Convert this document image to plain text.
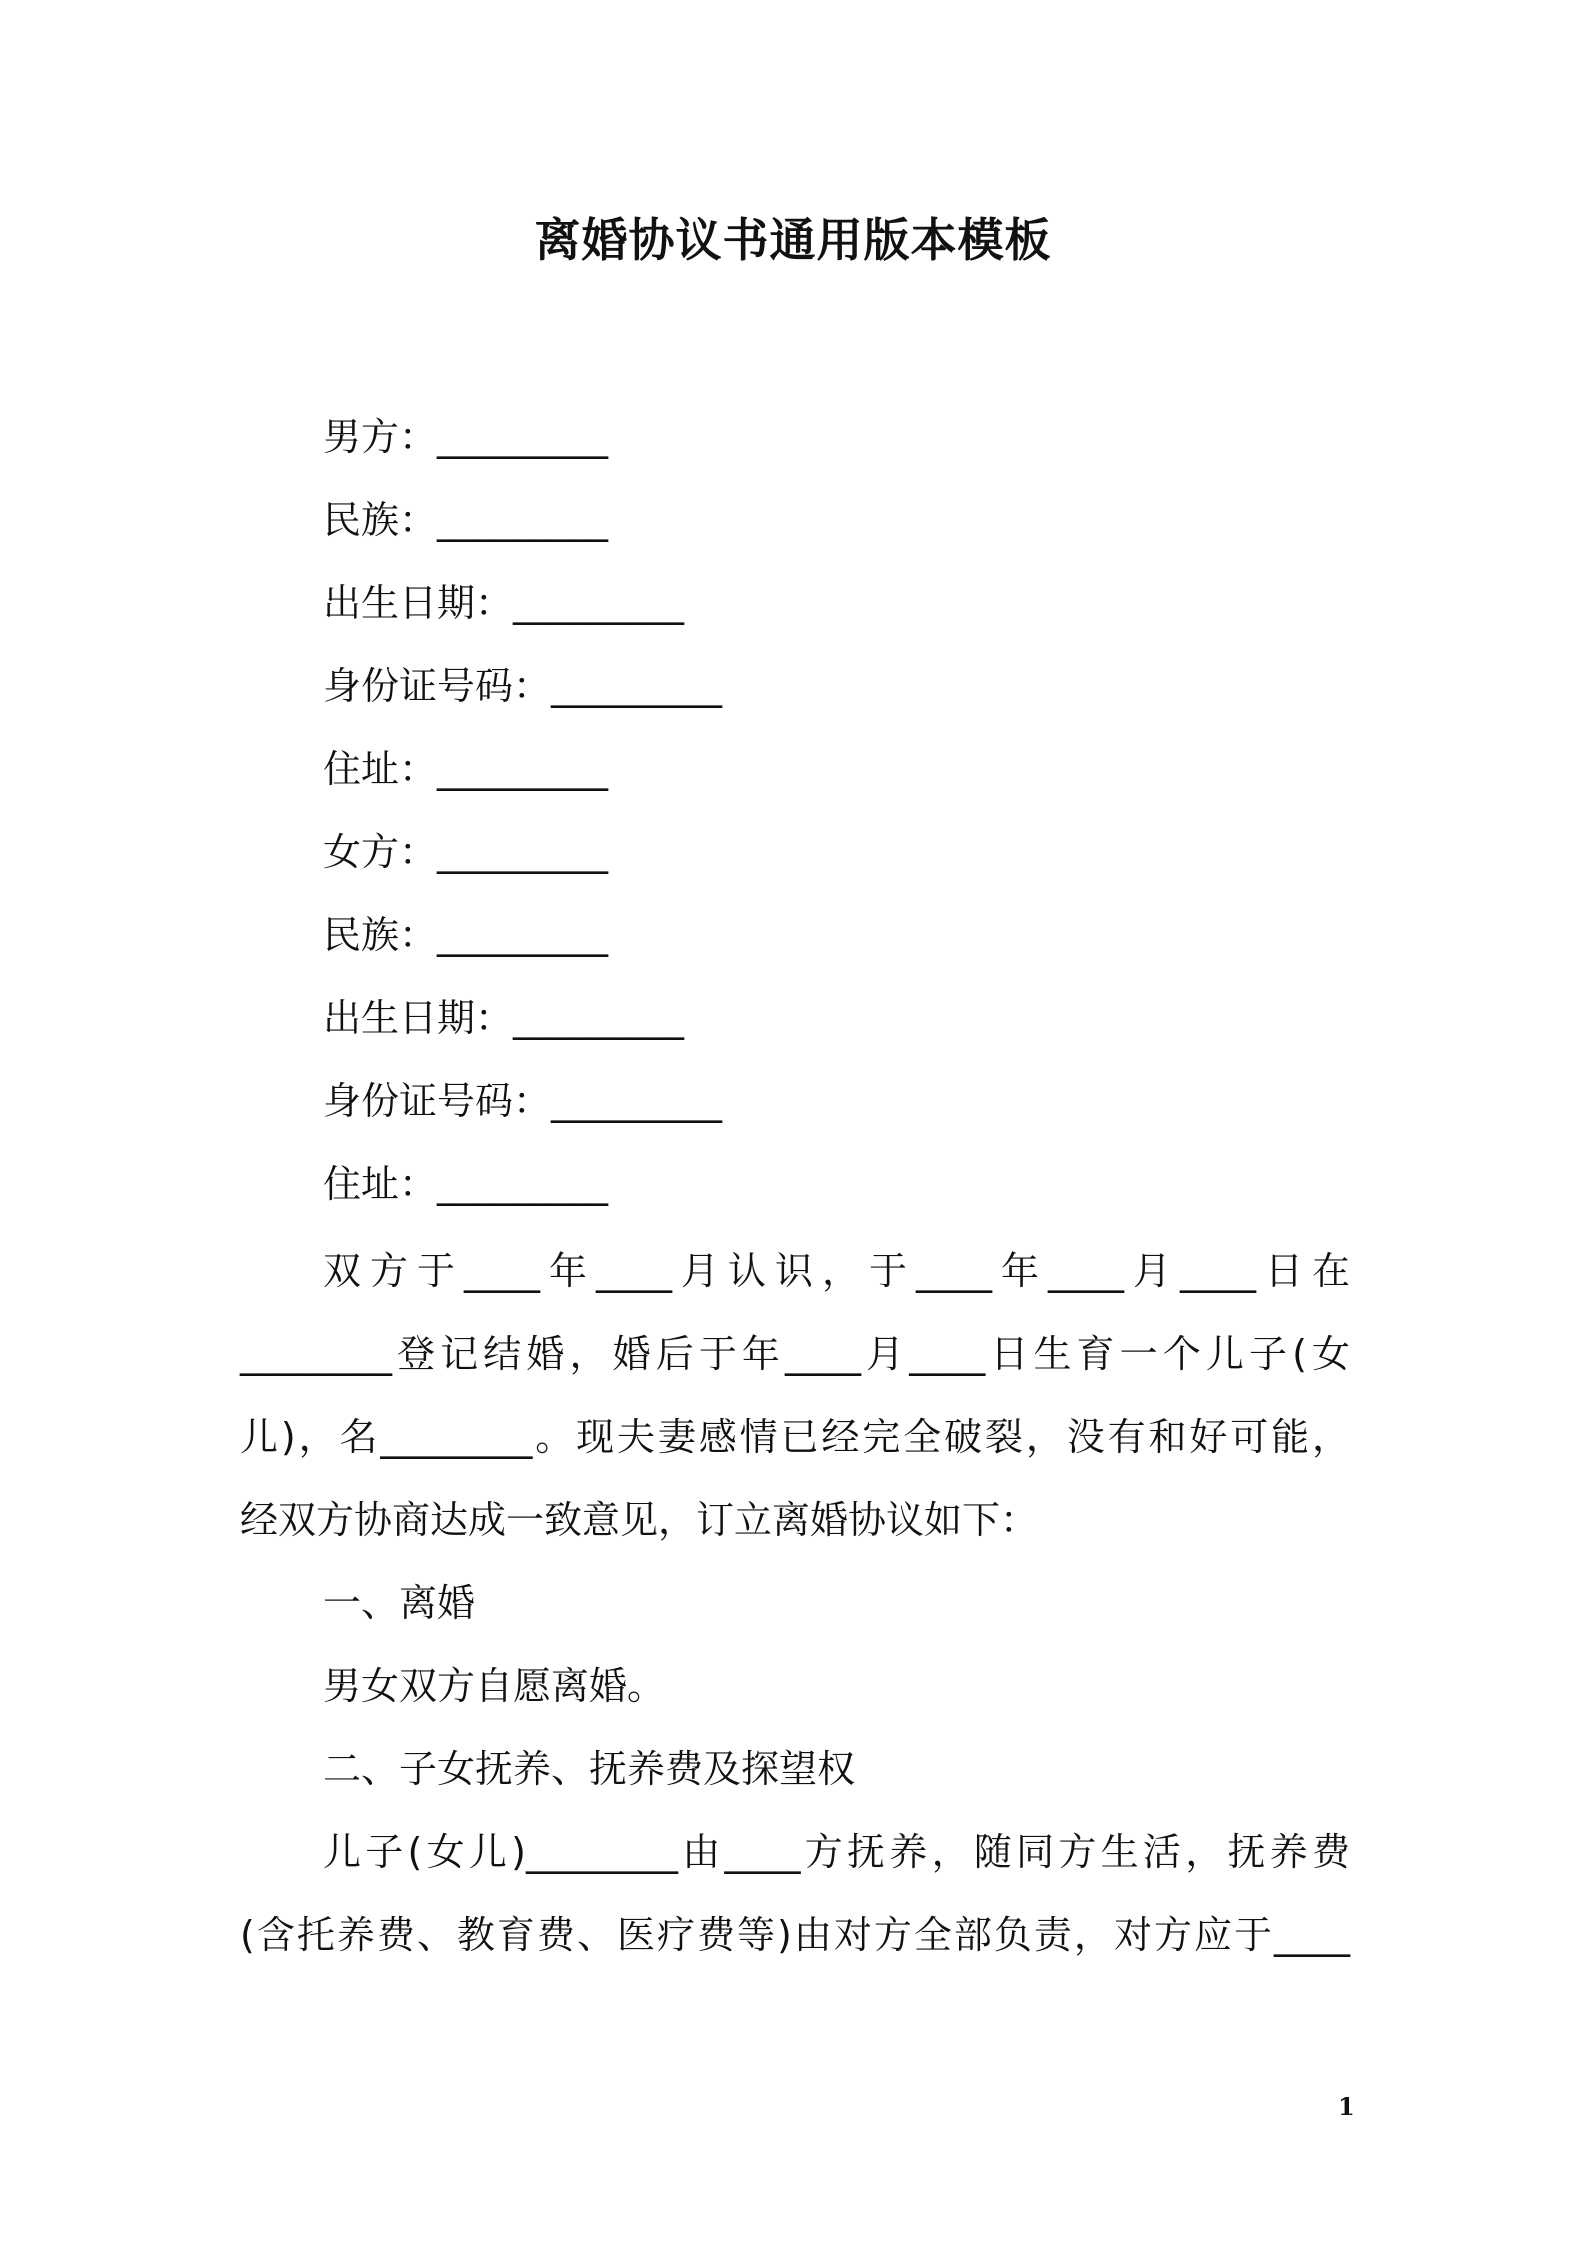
离婚协议书通用版本模板
男方：_________
民族：_________
出生日期：_________
身份证号码：_________
住址：_________
女方：_________
民族：_________
出生日期：_________
身份证号码：_________
住址：_________
双方于____年____月认识，于____年____月____日在
________登记结婚，婚后于年____月____日生育一个儿子(女
儿)，名________。现夫妻感情已经完全破裂，没有和好可能，
经双方协商达成一致意见，订立离婚协议如下：
一、离婚
男女双方自愿离婚。
二、子女抚养、抚养费及探望权
儿子(女儿)________由____方抚养，随同方生活，抚养费
(含托养费、教育费、医疗费等)由对方全部负责，对方应于____
1
